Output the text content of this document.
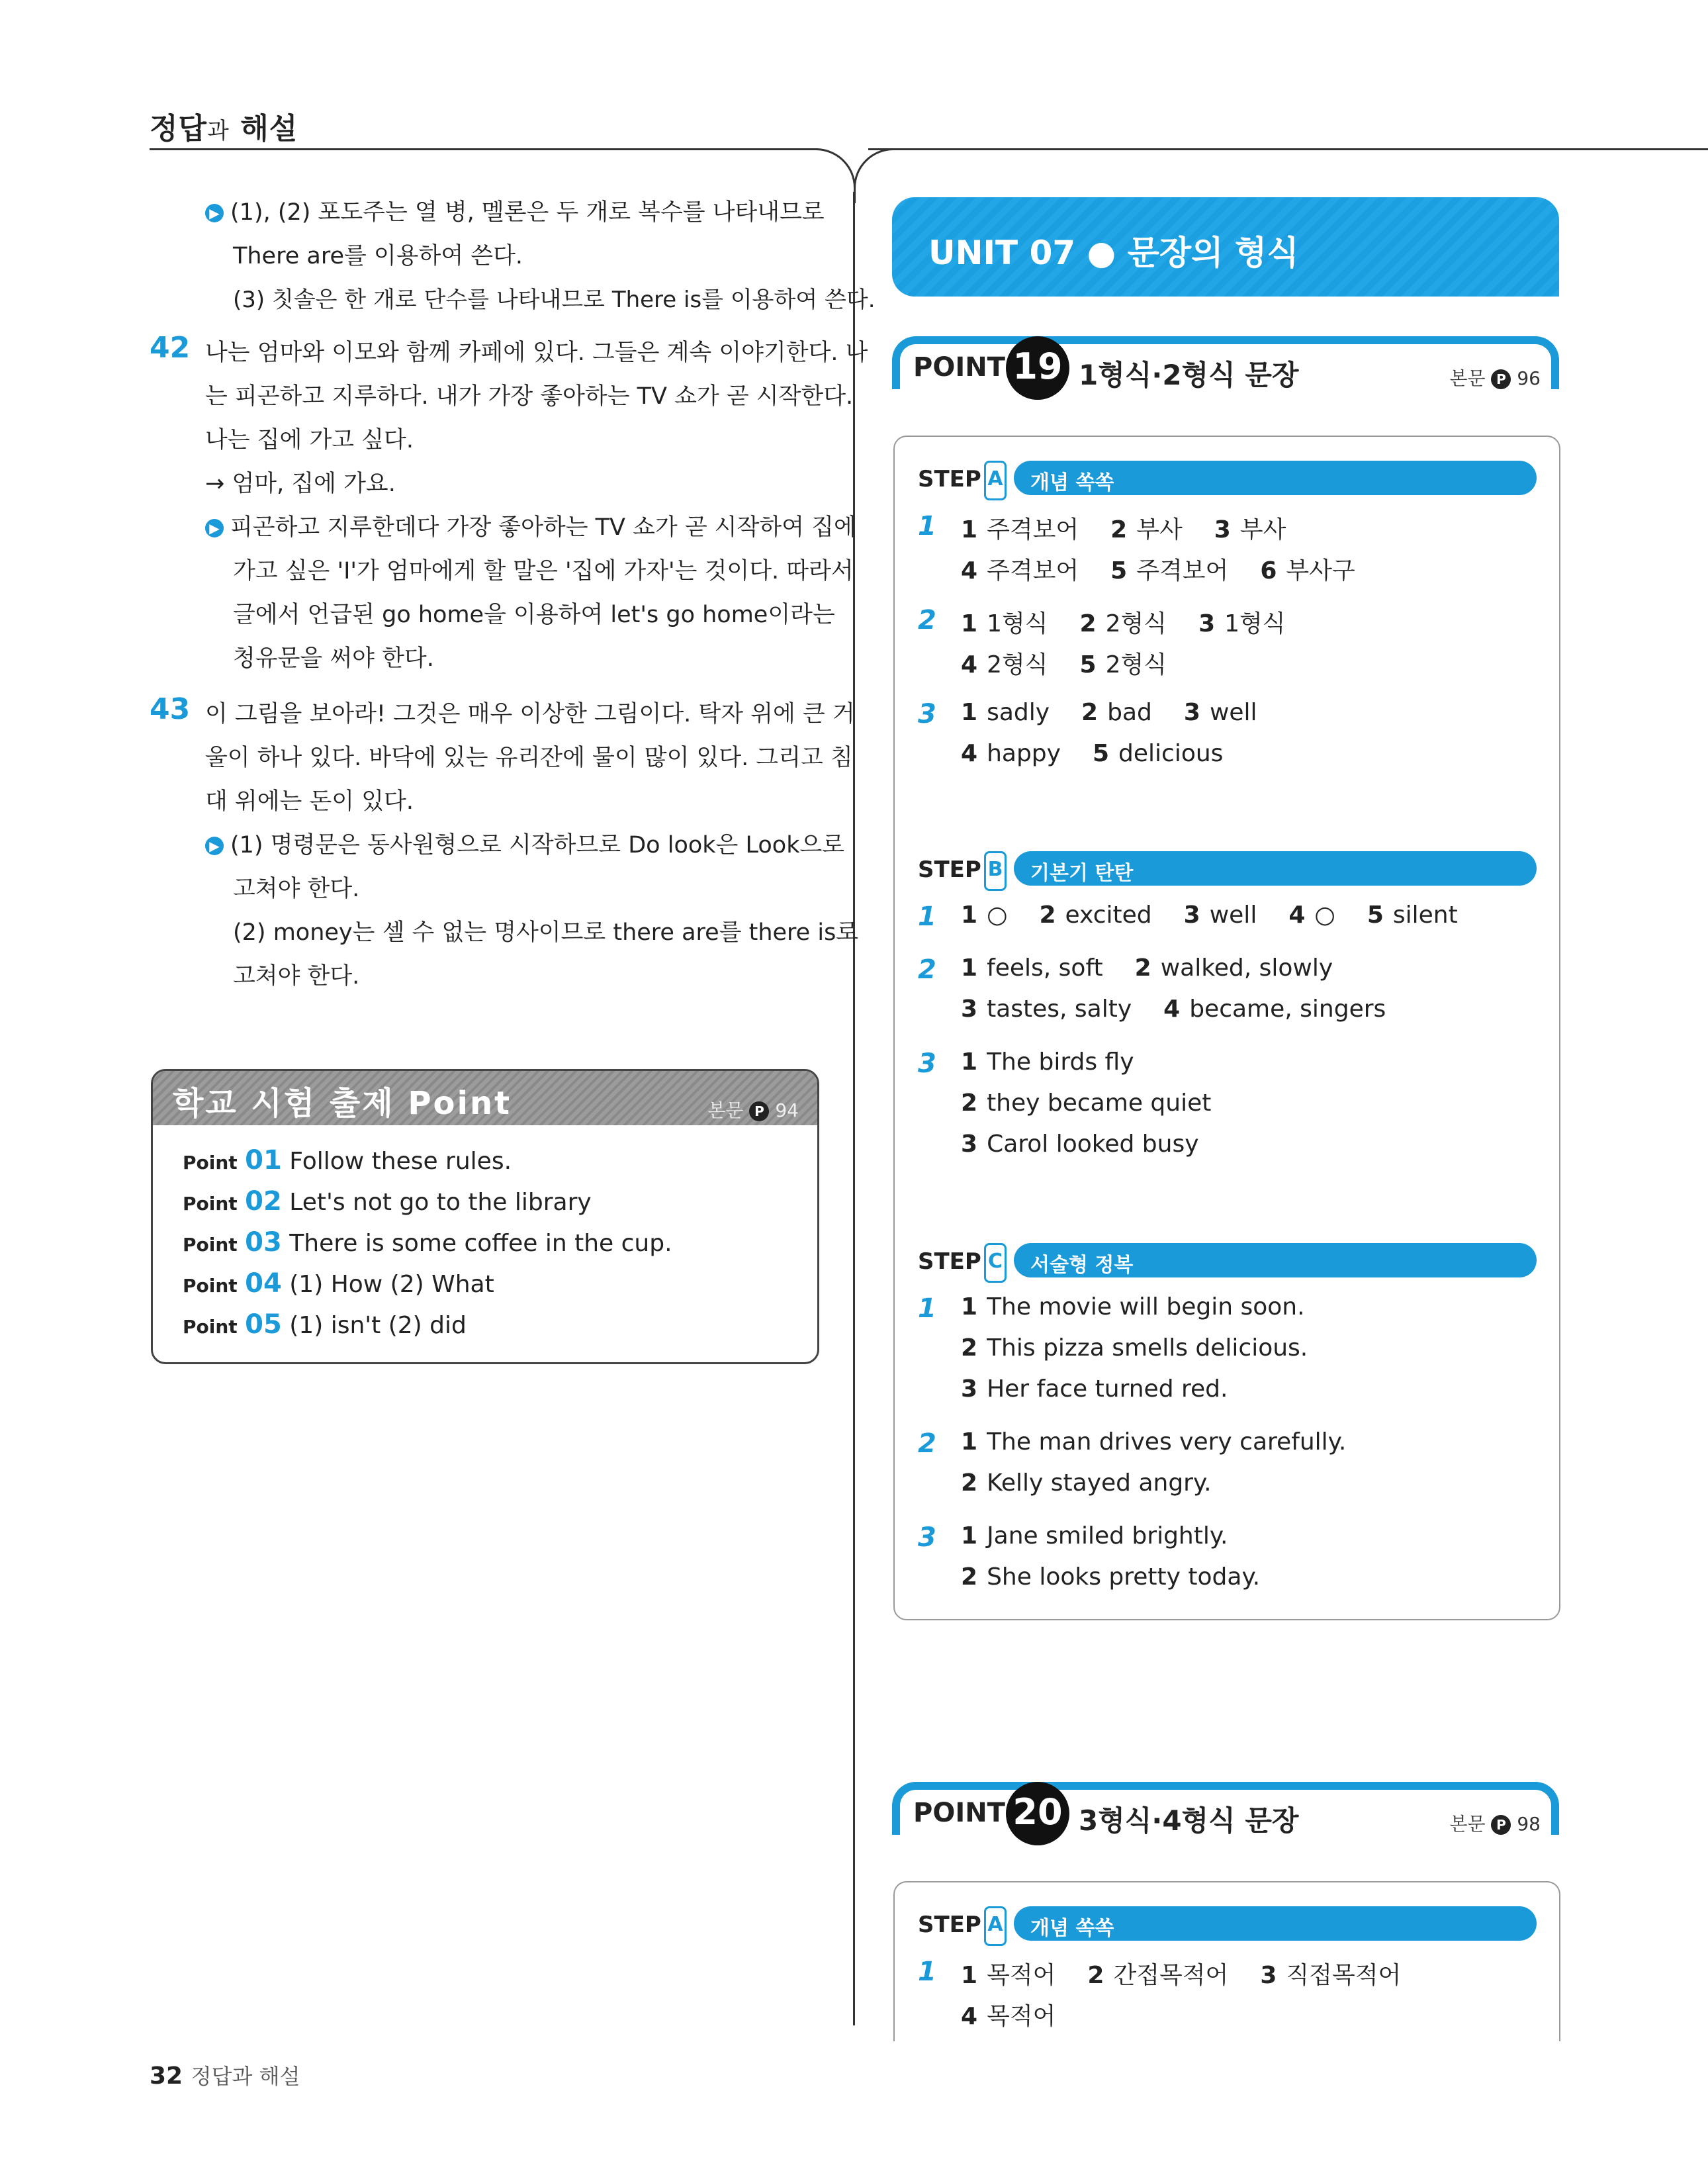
정답과 해설
▶ (1), (2) 포도주는 열 병, 멜론은 두 개로 복수를 나타내므로
There are를 이용하여 쓴다.
(3) 칫솔은 한 개로 단수를 나타내므로 There is를 이용하여 쓴다.
42 나는 엄마와 이모와 함께 카페에 있다. 그들은 계속 이야기한다. 나
는 피곤하고 지루하다. 내가 가장 좋아하는 TV 쇼가 곧 시작한다.
나는 집에 가고 싶다.
→ 엄마, 집에 가요.
▶ 피곤하고 지루한데다 가장 좋아하는 TV 쇼가 곧 시작하여 집에
가고 싶은 'I'가 엄마에게 할 말은 '집에 가자'는 것이다. 따라서
글에서 언급된 go home을 이용하여 let's go home이라는
청유문을 써야 한다.
43 이 그림을 보아라! 그것은 매우 이상한 그림이다. 탁자 위에 큰 거
울이 하나 있다. 바닥에 있는 유리잔에 물이 많이 있다. 그리고 침
대 위에는 돈이 있다.
▶ (1) 명령문은 동사원형으로 시작하므로 Do look은 Look으로
고쳐야 한다.
(2) money는 셀 수 없는 명사이므로 there are를 there is로
고쳐야 한다.
학교 시험 출제 Point	본문 P 94
Point 01 Follow these rules.
Point 02 Let's not go to the library
Point 03 There is some coffee in the cup.
Point 04 (1) How (2) What
Point 05 (1) isn't (2) did
UNIT 07 ● 문장의 형식
POINT 19 1형식·2형식 문장	본문 P 96
STEP A 개념 쏙쏙
1 1 주격보어 2 부사 3 부사
4 주격보어 5 주격보어 6 부사구
2 1 1형식 2 2형식 3 1형식
4 2형식 5 2형식
3 1 sadly 2 bad 3 well
4 happy 5 delicious
STEP B 기본기 탄탄
1 1 ○ 2 excited 3 well 4 ○ 5 silent
2 1 feels, soft 2 walked, slowly
3 tastes, salty 4 became, singers
3 1 The birds fly
2 they became quiet
3 Carol looked busy
STEP C 서술형 정복
1 1 The movie will begin soon.
2 This pizza smells delicious.
3 Her face turned red.
2 1 The man drives very carefully.
2 Kelly stayed angry.
3 1 Jane smiled brightly.
2 She looks pretty today.
POINT 20 3형식·4형식 문장	본문 P 98
STEP A 개념 쏙쏙
1 1 목적어 2 간접목적어 3 직접목적어
4 목적어
32 정답과 해설
